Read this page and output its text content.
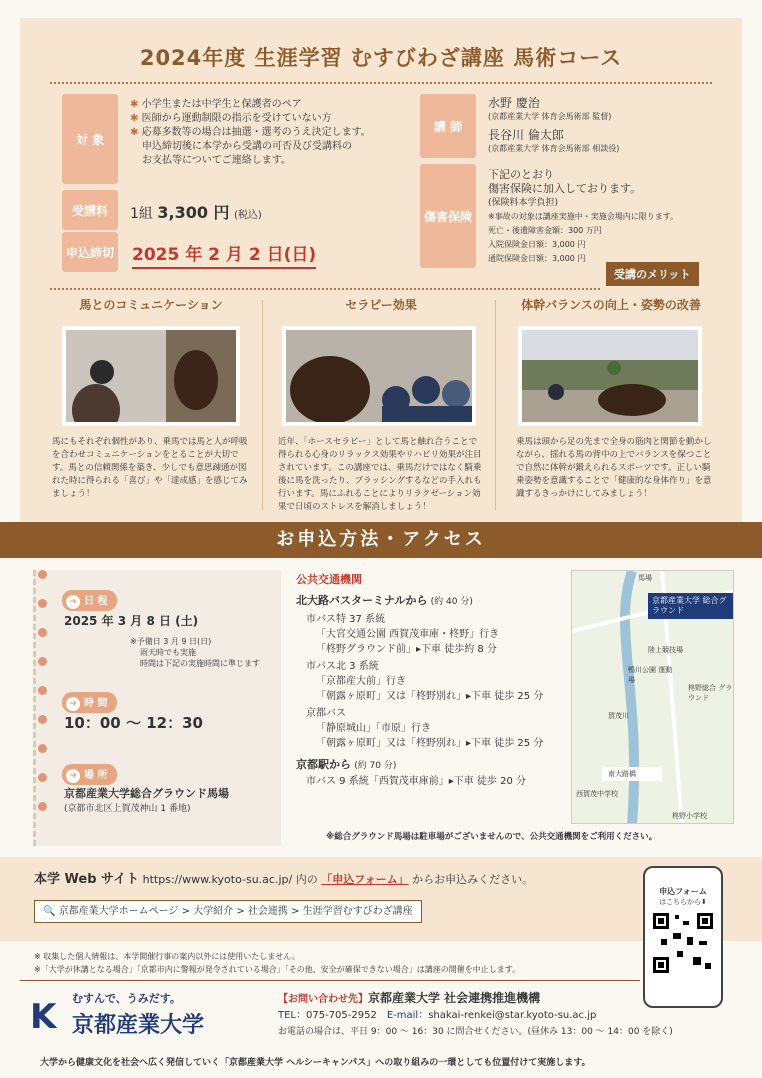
2024年度 生涯学習 むすびわざ講座 馬術コース
対 象
✱ 小学生または中学生と保護者のペア
✱ 医師から運動制限の指示を受けていない方
✱ 応募多数等の場合は抽選・選考のうえ決定します。
申込締切後に本学から受講の可否及び受講料の
お支払等についてご連絡します。
受講料	1組 3,300 円 (税込)
申込締切 2025 年 2 月 2 日(日)
講 師
水野 慶治
(京都産業大学 体育会馬術部 監督)
長谷川 倫太郎
(京都産業大学 体育会馬術部 相談役)
傷害保険
下記のとおり
傷害保険に加入しております。
(保険料本学負担)
※事故の対象は講座実施中・実施会場内に限ります。
死亡・後遺障害金額：300 万円
入院保険金日額：3,000 円
通院保険金日額：3,000 円
受講のメリット
馬とのコミュニケーション	セラピー効果	体幹バランスの向上・姿勢の改善
馬にもそれぞれ個性があり、乗馬では馬と人が呼吸を合わせコミュニケーションをとることが大切です。馬との信頼関係を築き、少しでも意思疎通が図れた時に得られる「喜び」や「達成感」を感じてみましょう！
近年、「ホースセラピー」として馬と触れ合うことで得られる心身のリラックス効果やリハビリ効果が注目されています。この講座では、乗馬だけではなく騎乗後に馬を洗ったり、ブラッシングするなどの手入れも行います。馬にふれることによりリラクゼーション効果で日頃のストレスを解消しましょう！
乗馬は頭から足の先まで全身の筋肉と関節を動かしながら、揺れる馬の背中の上でバランスを保つことで自然に体幹が鍛えられるスポーツです。正しい騎乗姿勢を意識することで「健康的な身体作り」を意識するきっかけにしてみましょう！
お申込方法・アクセス
➔ 日 程
2025 年 3 月 8 日 (土)
※予備日 3 月 9 日(日)
雨天時でも実施
時間は下記の実施時間に準じます
➔ 時 間
10：00 ～ 12：30
➔ 場 所
京都産業大学総合グラウンド馬場
(京都市北区上賀茂神山 1 番地)
公共交通機関
北大路バスターミナルから (約 40 分)
市バス特 37 系統
「大宮交通公園 西賀茂車庫・柊野」行き
「柊野グラウンド前」▸下車 徒歩約 8 分
市バス北 3 系統
「京都産大前」行き
「朝露ヶ原町」又は「柊野別れ」▸下車 徒歩 25 分
京都バス
「静原城山」「市原」行き
「朝露ヶ原町」又は「柊野別れ」▸下車 徒歩 25 分
京都駅から (約 70 分)
市バス 9 系統「西賀茂車庫前」▸下車 徒歩 20 分
※総合グラウンド馬場は駐車場がございませんので、公共交通機関をご利用ください。
京都産業大学 総合グラウンド
馬場
陸上競技場
鴨川公園 運動場
柊野総合 グラウンド
西賀茂中学校
柊野小学校
南大路橋
賀茂川
本学 Web サイト https://www.kyoto-su.ac.jp/ 内の 「申込フォーム」 からお申込みください。
🔍 京都産業大学ホームページ > 大学紹介 > 社会連携 > 生涯学習むすびわざ講座
申込フォーム
はこちらから⬇
※ 収集した個人情報は、本学開催行事の案内以外には使用いたしません。
※「大学が休講となる場合」「京都市内に警報が発令されている場合」「その他、安全が確保できない場合」は講座の開催を中止します。
むすんで、うみだす。
K 京都産業大学
【お問い合わせ先】京都産業大学 社会連携推進機構
TEL：075-705-2952　 E-mail：shakai-renkei@star.kyoto-su.ac.jp
お電話の場合は、平日 9：00 ～ 16：30 に問合せください。(昼休み 13：00 ～ 14：00 を除く)
大学から健康文化を社会へ広く発信していく「京都産業大学 ヘルシーキャンパス」への取り組みの一環としても位置付けて実施します。
